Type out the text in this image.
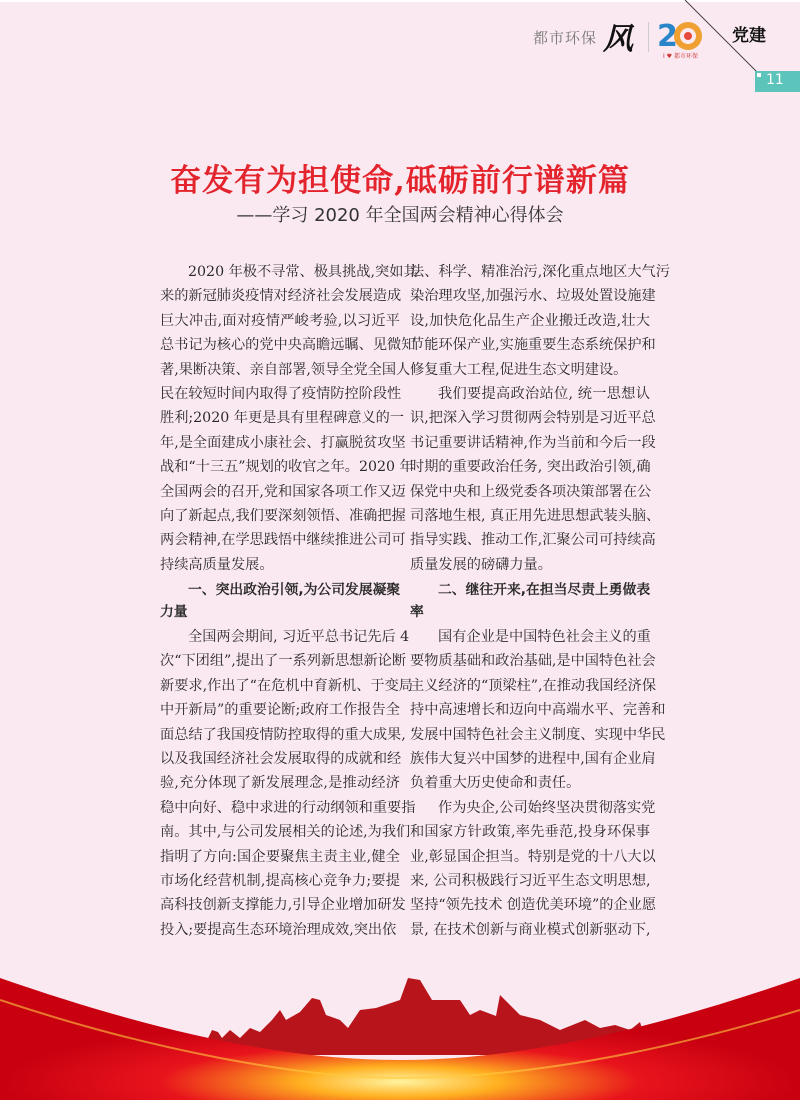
都市环保 风 2
I ♥ 都市环保
党建
11
奋发有为担使命,砥砺前行谱新篇
——学习 2020 年全国两会精神心得体会
2020 年极不寻常、极具挑战,突如其
来的新冠肺炎疫情对经济社会发展造成
巨大冲击,面对疫情严峻考验,以习近平
总书记为核心的党中央高瞻远瞩、见微知
著,果断决策、亲自部署,领导全党全国人
民在较短时间内取得了疫情防控阶段性
胜利;2020 年更是具有里程碑意义的一
年,是全面建成小康社会、打赢脱贫攻坚
战和“十三五”规划的收官之年。2020 年
全国两会的召开,党和国家各项工作又迈
向了新起点,我们要深刻领悟、准确把握
两会精神,在学思践悟中继续推进公司可
持续高质量发展。
一、突出政治引领,为公司发展凝聚
力量
全国两会期间, 习近平总书记先后 4
次“下团组”,提出了一系列新思想新论断
新要求,作出了“在危机中育新机、于变局
中开新局”的重要论断;政府工作报告全
面总结了我国疫情防控取得的重大成果,
以及我国经济社会发展取得的成就和经
验,充分体现了新发展理念,是推动经济
稳中向好、稳中求进的行动纲领和重要指
南。其中,与公司发展相关的论述,为我们
指明了方向:国企要聚焦主责主业,健全
市场化经营机制,提高核心竞争力;要提
高科技创新支撑能力,引导企业增加研发
投入;要提高生态环境治理成效,突出依
法、科学、精准治污,深化重点地区大气污
染治理攻坚,加强污水、垃圾处置设施建
设,加快危化品生产企业搬迁改造,壮大
节能环保产业,实施重要生态系统保护和
修复重大工程,促进生态文明建设。
我们要提高政治站位, 统一思想认
识,把深入学习贯彻两会特别是习近平总
书记重要讲话精神,作为当前和今后一段
时期的重要政治任务, 突出政治引领,确
保党中央和上级党委各项决策部署在公
司落地生根, 真正用先进思想武装头脑、
指导实践、推动工作,汇聚公司可持续高
质量发展的磅礴力量。
二、继往开来,在担当尽责上勇做表
率
国有企业是中国特色社会主义的重
要物质基础和政治基础,是中国特色社会
主义经济的“顶梁柱”,在推动我国经济保
持中高速增长和迈向中高端水平、完善和
发展中国特色社会主义制度、实现中华民
族伟大复兴中国梦的进程中,国有企业肩
负着重大历史使命和责任。
作为央企,公司始终坚决贯彻落实党
和国家方针政策,率先垂范,投身环保事
业,彰显国企担当。特别是党的十八大以
来, 公司积极践行习近平生态文明思想,
坚持“领先技术 创造优美环境”的企业愿
景, 在技术创新与商业模式创新驱动下,
